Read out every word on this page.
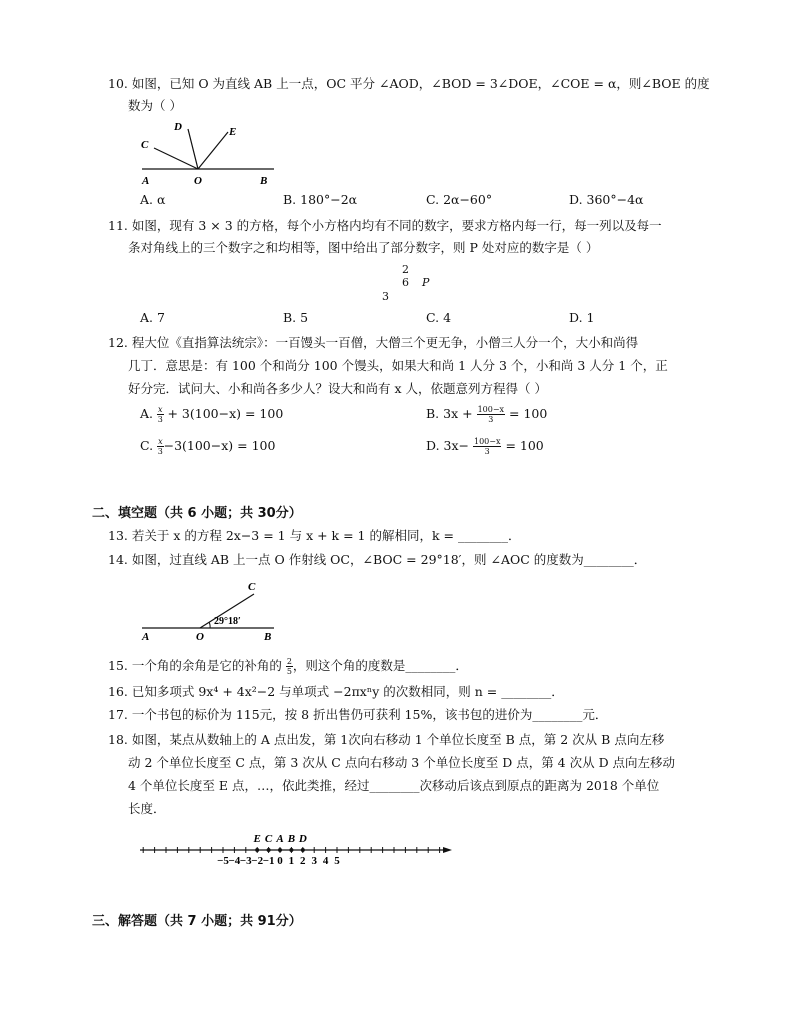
10. 如图，已知 O 为直线 AB 上一点，OC 平分 ∠AOD，∠BOD = 3∠DOE，∠COE = α，则∠BOE 的度
数为（ ）
C
D	E
A	O	B
A. α	B. 180°−2α	C. 2α−60°	D. 360°−4α
11. 如图，现有 3 × 3 的方格，每个小方格内均有不同的数字，要求方格内每一行，每一列以及每一
条对角线上的三个数字之和均相等，图中给出了部分数字，则 P 处对应的数字是（ ）
2
6 P
3
A. 7	B. 5	C. 4	D. 1
12. 程大位《直指算法统宗》：一百馒头一百僧，大僧三个更无争，小僧三人分一个，大小和尚得
几丁．意思是：有 100 个和尚分 100 个馒头，如果大和尚 1 人分 3 个，小和尚 3 人分 1 个，正
好分完．试问大、小和尚各多少人？设大和尚有 x 人，依题意列方程得（ ）
A. $\frac{x}{3} + 3(100-x) = 100$	B. $3x + \frac{100-x}{3} = 100$
C. $\frac{x}{3} -3(100-x) = 100$	D. $3x- \frac{100-x}{3} = 100$
二、填空题（共 6 小题；共 30分）
13. 若关于 x 的方程 2x−3 = 1 与 x + k = 1 的解相同，k = ________．
14. 如图，过直线 AB 上一点 O 作射线 OC，∠BOC = 29°18′，则 ∠AOC 的度数为________．
C
A	O	B
29°18′
15. 一个角的余角是它的补角的 $\frac{2}{5}$ ，则这个角的度数是________．
16. 已知多项式 9x⁴ + 4x²−2 与单项式 −2πxⁿy 的次数相同，则 n = ________．
17. 一个书包的标价为 115元，按 8 折出售仍可获利 15%，该书包的进价为________元．
18. 如图，某点从数轴上的 A 点出发，第 1次向右移动 1 个单位长度至 B 点，第 2 次从 B 点向左移
动 2 个单位长度至 C 点，第 3 次从 C 点向右移动 3 个单位长度至 D 点，第 4 次从 D 点向左移动
4 个单位长度至 E 点，…，依此类推，经过________次移动后该点到原点的距离为 2018 个单位
长度．
−5 −4 −3 −2 −1 0 1 2 3 4 5
E C A B D
三、解答题（共 7 小题；共 91分）
